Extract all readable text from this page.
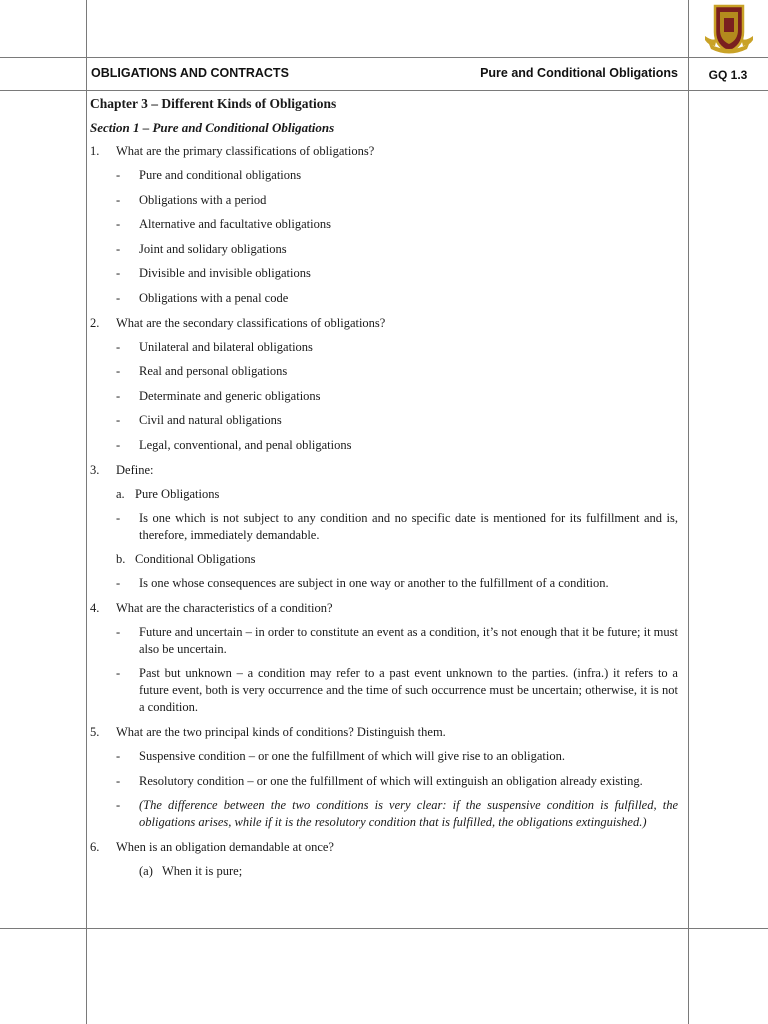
OBLIGATIONS AND CONTRACTS	Pure and Conditional Obligations	GQ 1.3
Chapter 3 – Different Kinds of Obligations
Section 1 – Pure and Conditional Obligations
1. What are the primary classifications of obligations?
- Pure and conditional obligations
- Obligations with a period
- Alternative and facultative obligations
- Joint and solidary obligations
- Divisible and invisible obligations
- Obligations with a penal code
2. What are the secondary classifications of obligations?
- Unilateral and bilateral obligations
- Real and personal obligations
- Determinate and generic obligations
- Civil and natural obligations
- Legal, conventional, and penal obligations
3. Define:
a. Pure Obligations
- Is one which is not subject to any condition and no specific date is mentioned for its fulfillment and is, therefore, immediately demandable.
b. Conditional Obligations
- Is one whose consequences are subject in one way or another to the fulfillment of a condition.
4. What are the characteristics of a condition?
- Future and uncertain – in order to constitute an event as a condition, it’s not enough that it be future; it must also be uncertain.
- Past but unknown – a condition may refer to a past event unknown to the parties. (infra.) it refers to a future event, both is very occurrence and the time of such occurrence must be uncertain; otherwise, it is not a condition.
5. What are the two principal kinds of conditions? Distinguish them.
- Suspensive condition – or one the fulfillment of which will give rise to an obligation.
- Resolutory condition – or one the fulfillment of which will extinguish an obligation already existing.
- (The difference between the two conditions is very clear: if the suspensive condition is fulfilled, the obligations arises, while if it is the resolutory condition that is fulfilled, the obligations extinguished.)
6. When is an obligation demandable at once?
(a) When it is pure;
